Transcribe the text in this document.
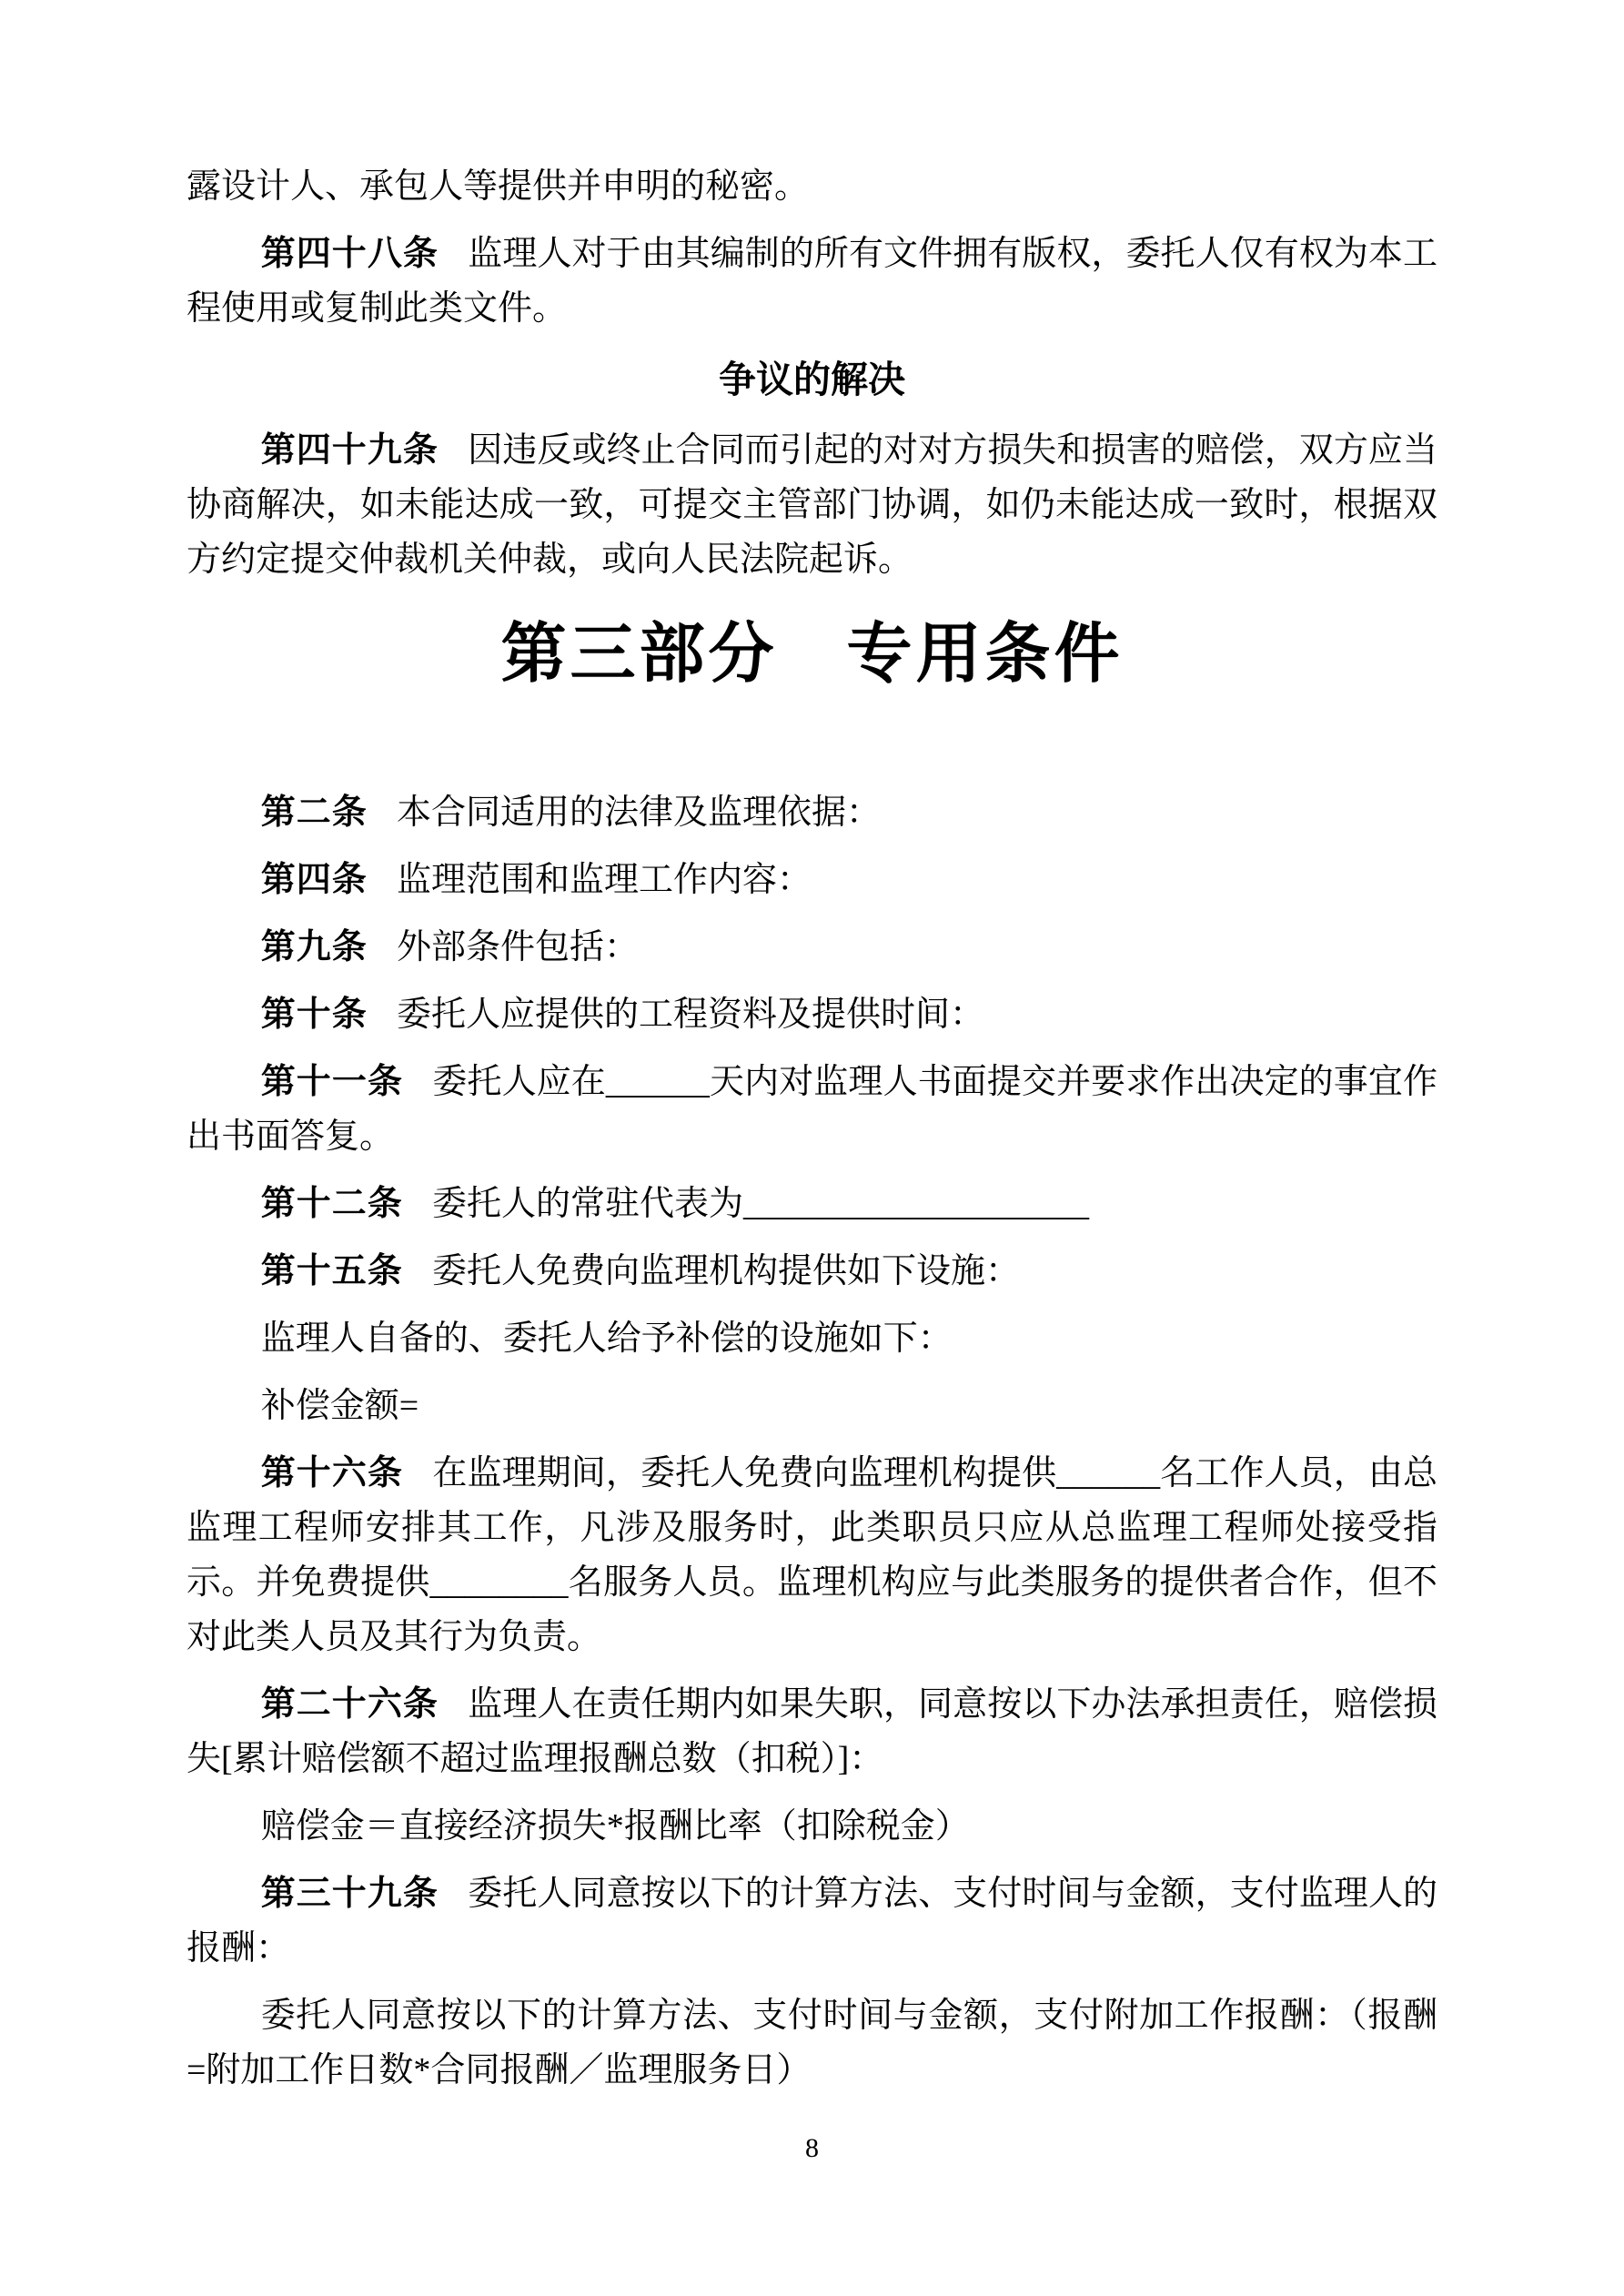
露设计人、承包人等提供并申明的秘密。

第四十八条 监理人对于由其编制的所有文件拥有版权，委托人仅有权为本工程使用或复制此类文件。

争议的解决

第四十九条 因违反或终止合同而引起的对对方损失和损害的赔偿，双方应当协商解决，如未能达成一致，可提交主管部门协调，如仍未能达成一致时，根据双方约定提交仲裁机关仲裁，或向人民法院起诉。

第三部分　专用条件

第二条 本合同适用的法律及监理依据：

第四条 监理范围和监理工作内容：

第九条 外部条件包括：

第十条 委托人应提供的工程资料及提供时间：

第十一条 委托人应在______天内对监理人书面提交并要求作出决定的事宜作出书面答复。

第十二条 委托人的常驻代表为____________________

第十五条 委托人免费向监理机构提供如下设施：

监理人自备的、委托人给予补偿的设施如下：

补偿金额=

第十六条 在监理期间，委托人免费向监理机构提供______名工作人员，由总监理工程师安排其工作，凡涉及服务时，此类职员只应从总监理工程师处接受指示。并免费提供________名服务人员。监理机构应与此类服务的提供者合作，但不对此类人员及其行为负责。

第二十六条 监理人在责任期内如果失职，同意按以下办法承担责任，赔偿损失[累计赔偿额不超过监理报酬总数（扣税）]：

赔偿金＝直接经济损失*报酬比率（扣除税金）

第三十九条 委托人同意按以下的计算方法、支付时间与金额，支付监理人的报酬：

委托人同意按以下的计算方法、支付时间与金额，支付附加工作报酬：（报酬=附加工作日数*合同报酬／监理服务日）

8
